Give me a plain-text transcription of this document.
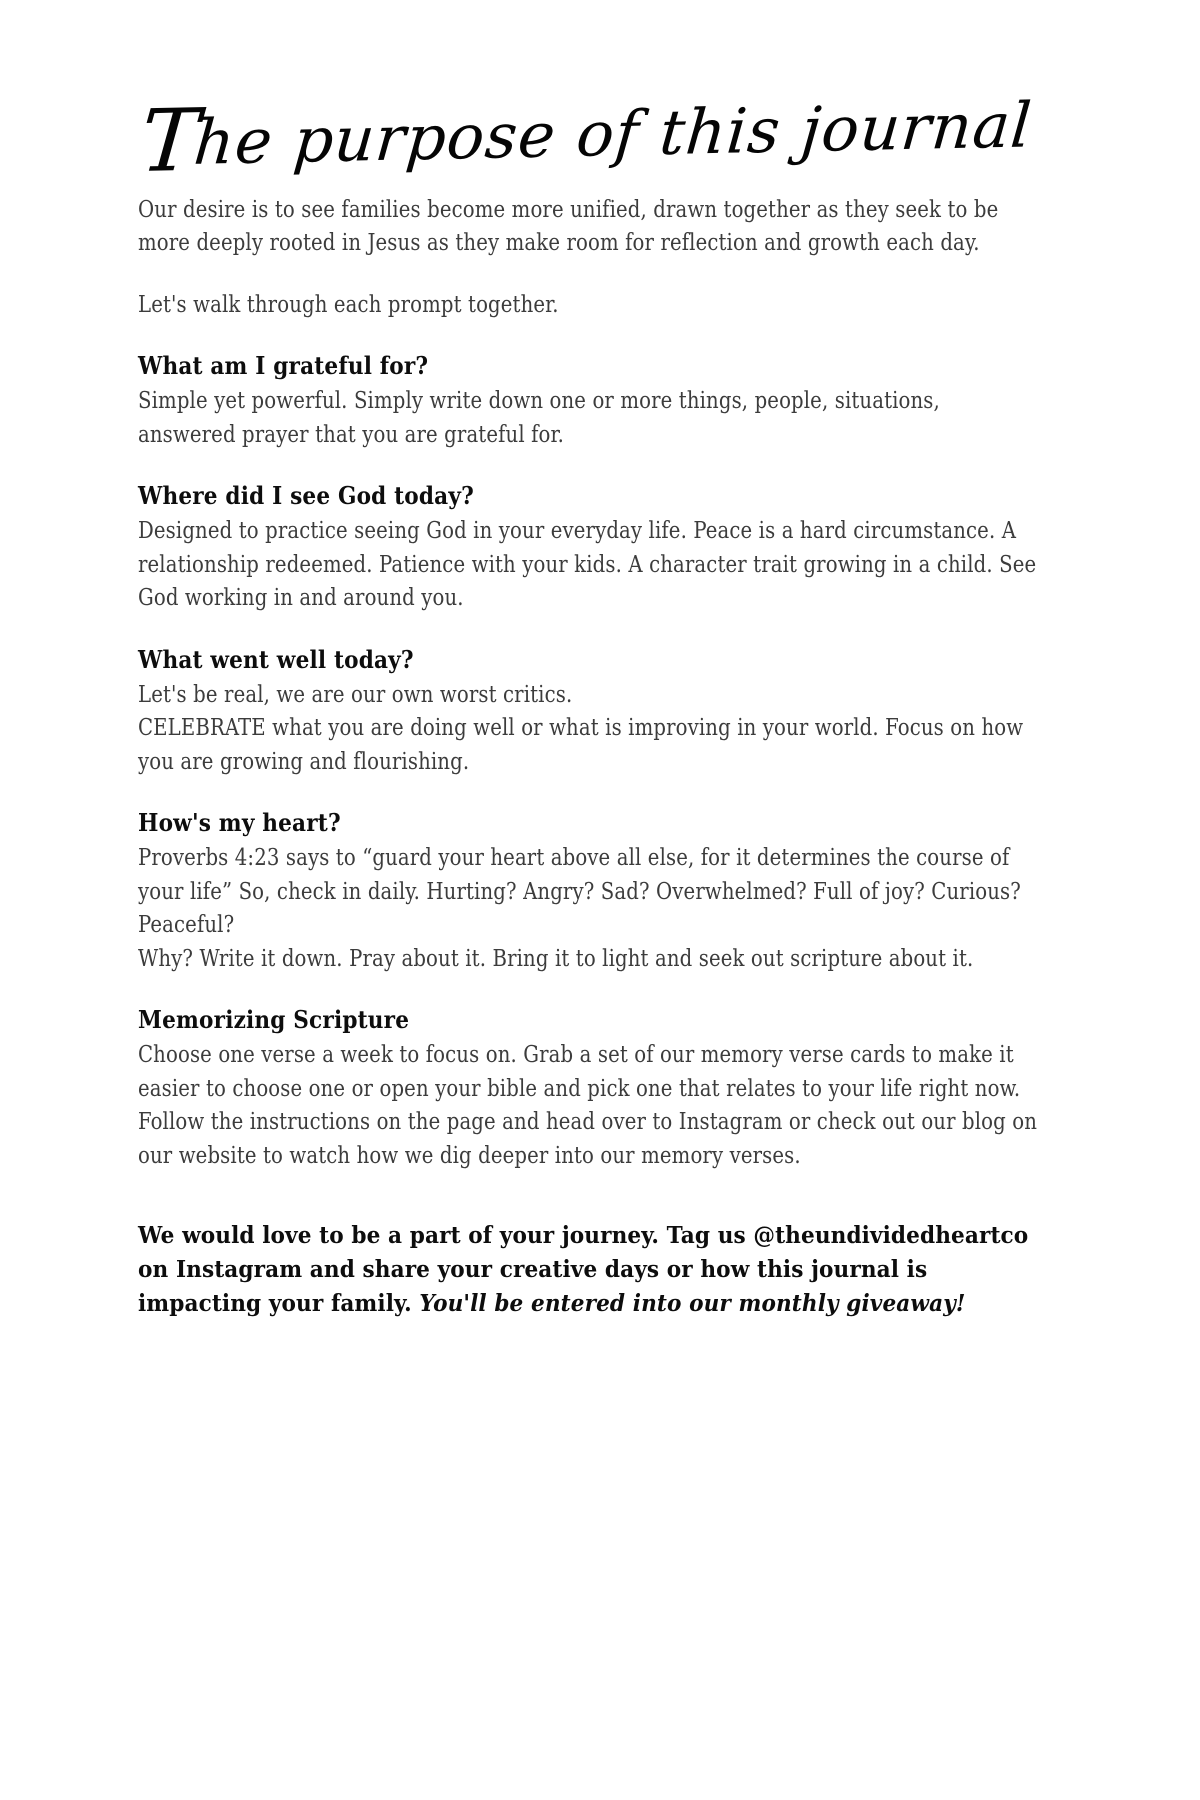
The purpose of this journal

Our desire is to see families become more unified, drawn together as they seek to be more deeply rooted in Jesus as they make room for reflection and growth each day.

Let's walk through each prompt together.

What am I grateful for?

Simple yet powerful. Simply write down one or more things, people, situations, answered prayer that you are grateful for.

Where did I see God today?

Designed to practice seeing God in your everyday life. Peace is a hard circumstance. A relationship redeemed. Patience with your kids. A character trait growing in a child. See God working in and around you.

What went well today?

Let's be real, we are our own worst critics.

CELEBRATE what you are doing well or what is improving in your world. Focus on how you are growing and flourishing.

How's my heart?

Proverbs 4:23 says to “guard your heart above all else, for it determines the course of your life” So, check in daily. Hurting? Angry? Sad? Overwhelmed? Full of joy? Curious? Peaceful?

Why? Write it down. Pray about it. Bring it to light and seek out scripture about it.

Memorizing Scripture

Choose one verse a week to focus on. Grab a set of our memory verse cards to make it easier to choose one or open your bible and pick one that relates to your life right now. Follow the instructions on the page and head over to Instagram or check out our blog on our website to watch how we dig deeper into our memory verses.

We would love to be a part of your journey. Tag us @theundividedheartco on Instagram and share your creative days or how this journal is impacting your family. You'll be entered into our monthly giveaway!
